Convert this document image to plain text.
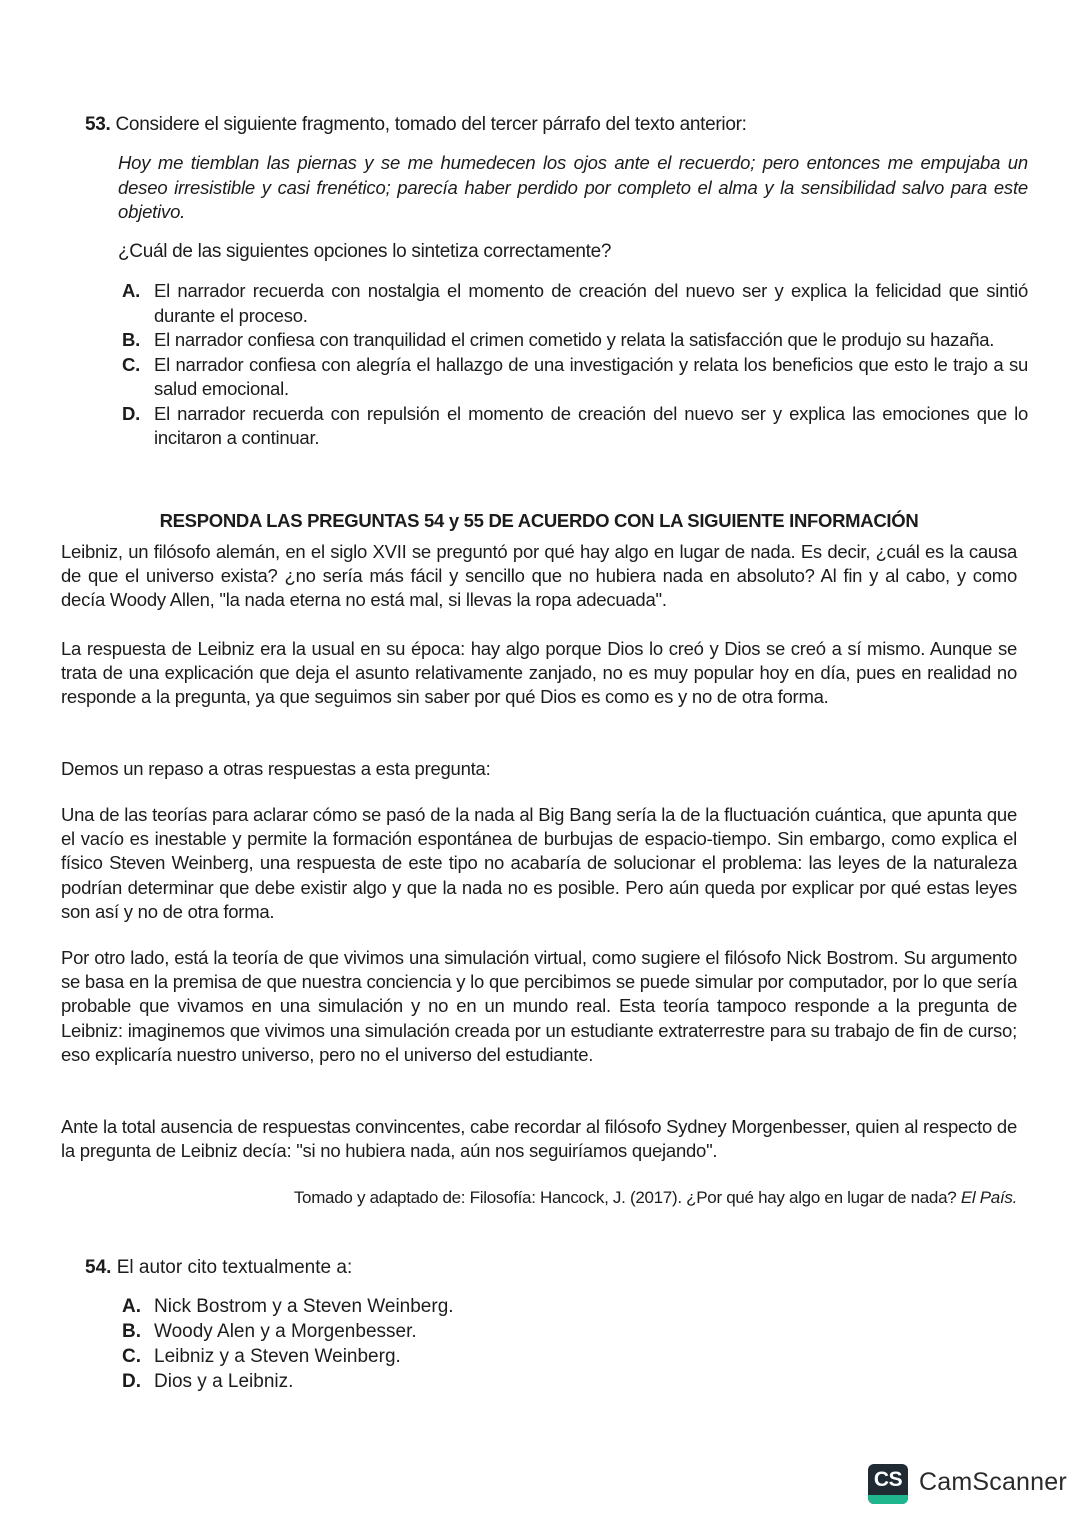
53. Considere el siguiente fragmento, tomado del tercer párrafo del texto anterior:
Hoy me tiemblan las piernas y se me humedecen los ojos ante el recuerdo; pero entonces me empujaba un deseo irresistible y casi frenético; parecía haber perdido por completo el alma y la sensibilidad salvo para este objetivo.
¿Cuál de las siguientes opciones lo sintetiza correctamente?
A. El narrador recuerda con nostalgia el momento de creación del nuevo ser y explica la felicidad que sintió durante el proceso.
B. El narrador confiesa con tranquilidad el crimen cometido y relata la satisfacción que le produjo su hazaña.
C. El narrador confiesa con alegría el hallazgo de una investigación y relata los beneficios que esto le trajo a su salud emocional.
D. El narrador recuerda con repulsión el momento de creación del nuevo ser y explica las emociones que lo incitaron a continuar.
RESPONDA LAS PREGUNTAS 54 y 55 DE ACUERDO CON LA SIGUIENTE INFORMACIÓN
Leibniz, un filósofo alemán, en el siglo XVII se preguntó por qué hay algo en lugar de nada. Es decir, ¿cuál es la causa de que el universo exista? ¿no sería más fácil y sencillo que no hubiera nada en absoluto? Al fin y al cabo, y como decía Woody Allen, "la nada eterna no está mal, si llevas la ropa adecuada".
La respuesta de Leibniz era la usual en su época: hay algo porque Dios lo creó y Dios se creó a sí mismo. Aunque se trata de una explicación que deja el asunto relativamente zanjado, no es muy popular hoy en día, pues en realidad no responde a la pregunta, ya que seguimos sin saber por qué Dios es como es y no de otra forma.
Demos un repaso a otras respuestas a esta pregunta:
Una de las teorías para aclarar cómo se pasó de la nada al Big Bang sería la de la fluctuación cuántica, que apunta que el vacío es inestable y permite la formación espontánea de burbujas de espacio-tiempo. Sin embargo, como explica el físico Steven Weinberg, una respuesta de este tipo no acabaría de solucionar el problema: las leyes de la naturaleza podrían determinar que debe existir algo y que la nada no es posible. Pero aún queda por explicar por qué estas leyes son así y no de otra forma.
Por otro lado, está la teoría de que vivimos una simulación virtual, como sugiere el filósofo Nick Bostrom. Su argumento se basa en la premisa de que nuestra conciencia y lo que percibimos se puede simular por computador, por lo que sería probable que vivamos en una simulación y no en un mundo real. Esta teoría tampoco responde a la pregunta de Leibniz: imaginemos que vivimos una simulación creada por un estudiante extraterrestre para su trabajo de fin de curso; eso explicaría nuestro universo, pero no el universo del estudiante.
Ante la total ausencia de respuestas convincentes, cabe recordar al filósofo Sydney Morgenbesser, quien al respecto de la pregunta de Leibniz decía: "si no hubiera nada, aún nos seguiríamos quejando".
Tomado y adaptado de: Filosofía: Hancock, J. (2017). ¿Por qué hay algo en lugar de nada? El País.
54. El autor cito textualmente a:
A. Nick Bostrom y a Steven Weinberg.
B. Woody Alen y a Morgenbesser.
C. Leibniz y a Steven Weinberg.
D. Dios y a Leibniz.
CS CamScanner
